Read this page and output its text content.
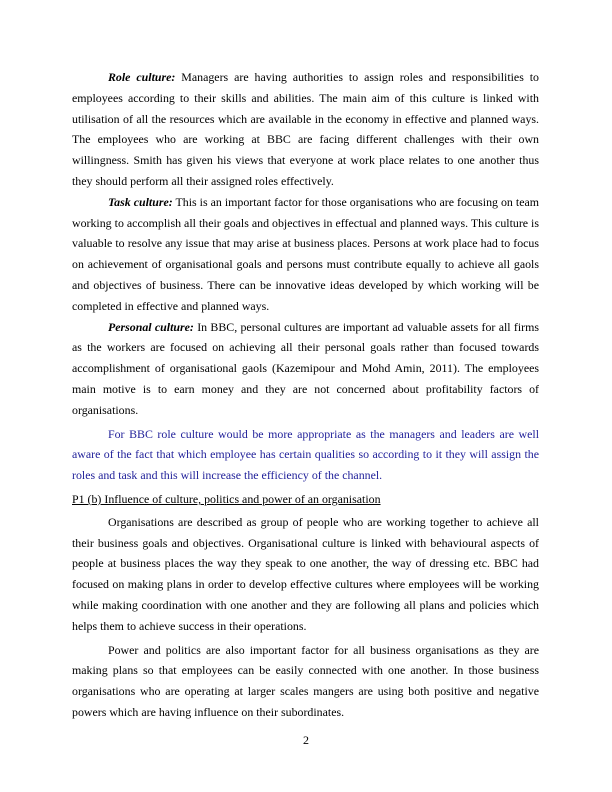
Role culture: Managers are having authorities to assign roles and responsibilities to employees according to their skills and abilities. The main aim of this culture is linked with utilisation of all the resources which are available in the economy in effective and planned ways. The employees who are working at BBC are facing different challenges with their own willingness. Smith has given his views that everyone at work place relates to one another thus they should perform all their assigned roles effectively.

Task culture: This is an important factor for those organisations who are focusing on team working to accomplish all their goals and objectives in effectual and planned ways. This culture is valuable to resolve any issue that may arise at business places. Persons at work place had to focus on achievement of organisational goals and persons must contribute equally to achieve all gaols and objectives of business. There can be innovative ideas developed by which working will be completed in effective and planned ways.

Personal culture: In BBC, personal cultures are important ad valuable assets for all firms as the workers are focused on achieving all their personal goals rather than focused towards accomplishment of organisational gaols (Kazemipour and Mohd Amin, 2011). The employees main motive is to earn money and they are not concerned about profitability factors of organisations.

For BBC role culture would be more appropriate as the managers and leaders are well aware of the fact that which employee has certain qualities so according to it they will assign the roles and task and this will increase the efficiency of the channel.

P1 (b) Influence of culture, politics and power of an organisation

Organisations are described as group of people who are working together to achieve all their business goals and objectives. Organisational culture is linked with behavioural aspects of people at business places the way they speak to one another, the way of dressing etc. BBC had focused on making plans in order to develop effective cultures where employees will be working while making coordination with one another and they are following all plans and policies which helps them to achieve success in their operations.

Power and politics are also important factor for all business organisations as they are making plans so that employees can be easily connected with one another. In those business organisations who are operating at larger scales mangers are using both positive and negative powers which are having influence on their subordinates.

2
